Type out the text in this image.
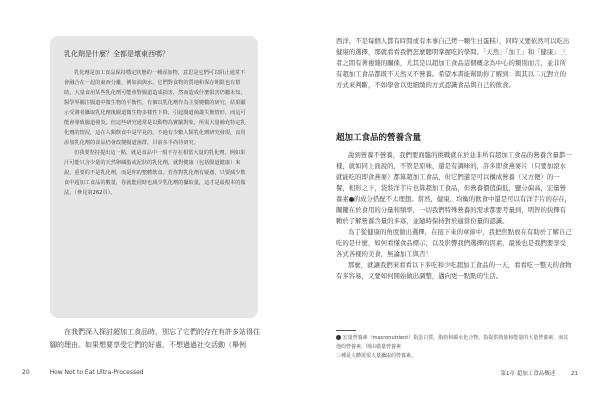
乳化劑是什麼？全都是壞東西嗎？

乳化劑是加工食品保持穩定狀態的一種添加物，意思是它們可以阻止通常不會融合在一起的東西分離，例如油與水。它們對食物的質地和保存期限也有幫助。大量食用某些乳化劑可能會對腸道造成損害，然而造成什麼損害仍屬未知，醫學界關注腸道中微生物的平衡性，有個以乳化劑作為主要變數的研究，結果顯示受測者攝取乳化劑後腸道微生物多樣性下降，引起腸道菌叢失衡情形，而這可能會導致腸道發炎。但這些研究通常是以動物為實驗對象，所需大量補充特定乳化劑的情況，這在人類飲食中是罕見的。不過有少數人類乳化劑研究發現，食用添加乳化劑的食品仍會改變腸道菌群，目前多半尚待研究。

但我要堅持提出這一點，就是食品中一般不存在相當大量的乳化劑，例如果汁可能只含少量的天然卵磷脂或泥狀的乳化劑，就對健康（包括腸道健康）來說，重要的不是乳化劑，而是你的整體飲食。若你對乳化劑有疑慮，只要減少飲食中超加工食品的數量，你就能同時也減少乳化劑的攝取量，這才是最根本的做法。（參見第262頁）。

在我們深入探討超加工食品時，別忘了它們的存在有許多站得住腳的理由。如果想要享受它們的好處，不想過過社交活動（舉例

20	How Not to Eat Ultra-Processed

西洋，不是每個人都有時間或有本事自己烤一顆生日蛋糕），同時又要依然可以吃出健康的選擇，那就看看我們怎麼聰明掌握吃的學問。「天然」「加工」和「健康」三者之間有著複雜的關係，尤其是以超加工食品這個概念為中心的類別而言，並非所有超加工食品都既不天然又不營養。希望本書能幫助你了解到：與其以二元對立的方式來判斷，不如學會以更細緻的方式認識食品與自己的飲食。

超加工食品的營養含量

說到營養不營養，我們要面臨的挑戰就在於並非所有超加工食品的營養含量都一樣，就如同上面說的，不管是原味、還是有調味的，許多即食燕麥片（只要加滾水就能吃的即食燕麥）都算超加工食品，但它們還是可以構成營養（又方便）的一餐，相形之下，袋裝洋芋片也算超加工食品，但營養價值偏低，鹽分偏高，宏量營養素 的成分搭配不太理想。當然，健康、均衡的飲食中還是可以有洋芋片的存在，關鍵在於食用的分量和頻率，一切我們特殊營養的需求都要考量到，明智的抉擇有賴於了解營養含量的多寡，並隨時保持對於適當份量的認識。

為了從健康的角度做出選擇，在接下來的章節中，我把焦點放在有助於了解自己吃的是什麼，如何看懂食品標示，以及影響我們選擇的因素，最後也是我們要享受各式各樣的美食，無論加工與否！

那麼，就讓我們來看看以下多吃和少吃超加工食品的一天，看看吃一整天的食物有多容易，又要如何開始做出調整，邁向更一點點的生活。

宏量營養素（macronutrient）指蛋白質、脂肪和碳水化合物，指提供熱量和能量的大量營養素，而其他的營養素，則由微量營養素
三種是人體需要大量攝取的營養素。
第1章 超加工食品概述	21
